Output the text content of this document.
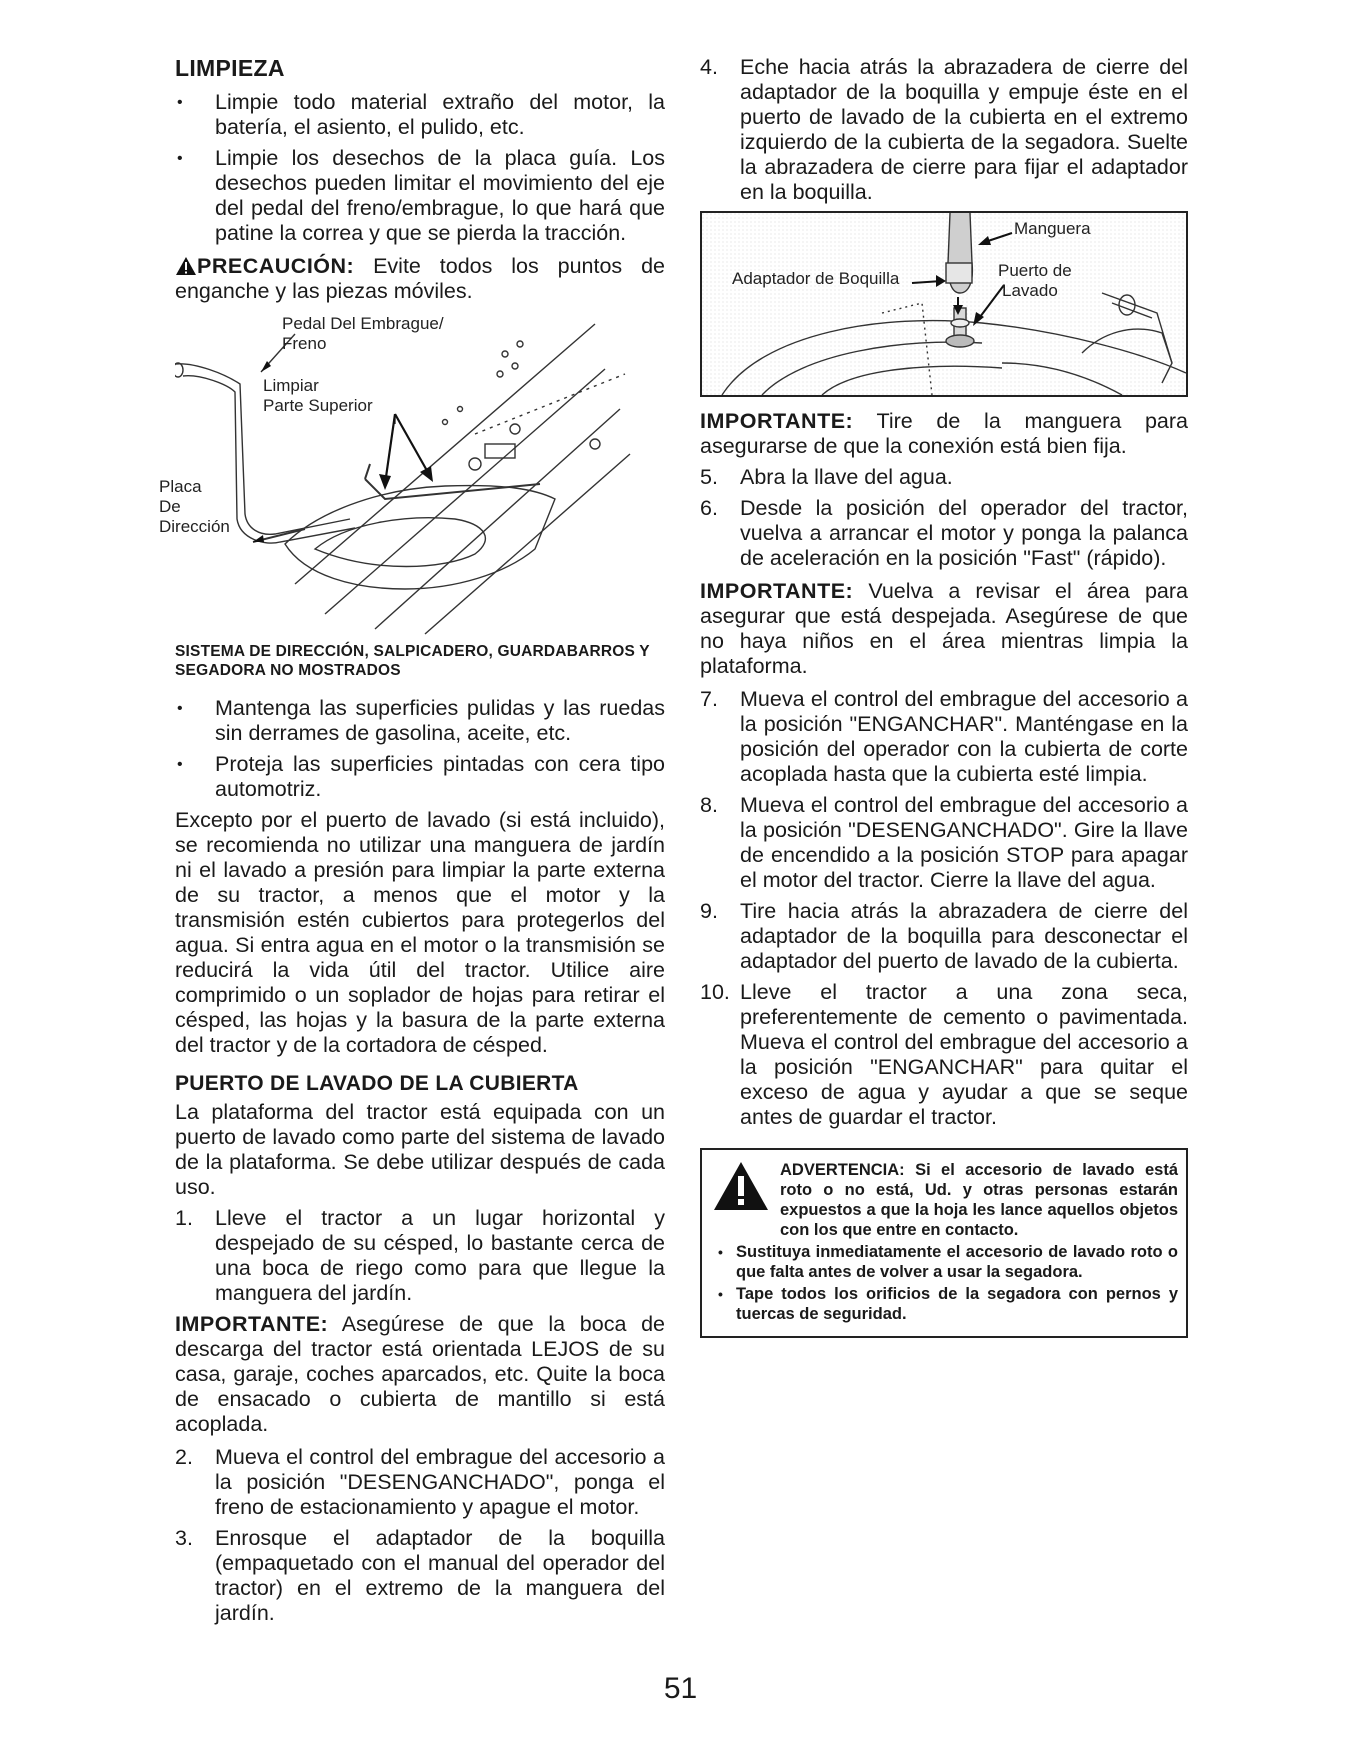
LIMPIEZA
• Limpie todo material extraño del motor, la batería, el asiento, el pulido, etc.
• Limpie los desechos de la placa guía. Los desechos pueden limitar el movimiento del eje del pedal del freno/embrague, lo que hará que patine la correa y que se pierda la tracción.

PRECAUCIÓN: Evite todos los puntos de enganche y las piezas móviles.

Pedal Del Embrague/
Freno
Limpiar
Parte Superior
Placa
De
Dirección

SISTEMA DE DIRECCIÓN, SALPICADERO, GUARDABARROS Y SEGADORA NO MOSTRADOS

• Mantenga las superficies pulidas y las ruedas sin derrames de gasolina, aceite, etc.
• Proteja las superficies pintadas con cera tipo automotriz.

Excepto por el puerto de lavado (si está incluido), se recomienda no utilizar una manguera de jardín ni el lavado a presión para limpiar la parte externa de su tractor, a menos que el motor y la transmisión estén cubiertos para protegerlos del agua. Si entra agua en el motor o la transmisión se reducirá la vida útil del tractor. Utilice aire comprimido o un soplador de hojas para retirar el césped, las hojas y la basura de la parte externa del tractor y de la cortadora de césped.

PUERTO DE LAVADO DE LA CUBIERTA

La plataforma del tractor está equipada con un puerto de lavado como parte del sistema de lavado de la plataforma. Se debe utilizar después de cada uso.

1. Lleve el tractor a un lugar horizontal y despejado de su césped, lo bastante cerca de una boca de riego como para que llegue la manguera del jardín.

IMPORTANTE: Asegúrese de que la boca de descarga del tractor está orientada LEJOS de su casa, garaje, coches aparcados, etc. Quite la boca de ensacado o cubierta de mantillo si está acoplada.

2. Mueva el control del embrague del accesorio a la posición "DESENGANCHADO", ponga el freno de estacionamiento y apague el motor.
3. Enrosque el adaptador de la boquilla (empaquetado con el manual del operador del tractor) en el extremo de la manguera del jardín.
4. Eche hacia atrás la abrazadera de cierre del adaptador de la boquilla y empuje éste en el puerto de lavado de la cubierta en el extremo izquierdo de la cubierta de la segadora. Suelte la abrazadera de cierre para fijar el adaptador en la boquilla.
Manguera
Adaptador de Boquilla	Puerto de
Lavado

IMPORTANTE: Tire de la manguera para asegurarse de que la conexión está bien fija.

5. Abra la llave del agua.
6. Desde la posición del operador del tractor, vuelva a arrancar el motor y ponga la palanca de aceleración en la posición "Fast" (rápido).

IMPORTANTE: Vuelva a revisar el área para asegurar que está despejada. Asegúrese de que no haya niños en el área mientras limpia la plataforma.

7. Mueva el control del embrague del accesorio a la posición "ENGANCHAR". Manténgase en la posición del operador con la cubierta de corte acoplada hasta que la cubierta esté limpia.
8. Mueva el control del embrague del accesorio a la posición "DESENGANCHADO". Gire la llave de encendido a la posición STOP para apagar el motor del tractor. Cierre la llave del agua.
9. Tire hacia atrás la abrazadera de cierre del adaptador de la boquilla para desconectar el adaptador del puerto de lavado de la cubierta.
10. Lleve el tractor a una zona seca, preferentemente de cemento o pavimentada. Mueva el control del embrague del accesorio a la posición "ENGANCHAR" para quitar el exceso de agua y ayudar a que se seque antes de guardar el tractor.

ADVERTENCIA: Si el accesorio de lavado está roto o no está, Ud. y otras personas estarán expuestos a que la hoja les lance aquellos objetos con los que entre en contacto.

• Sustituya inmediatamente el accesorio de lavado roto o que falta antes de volver a usar la segadora.
• Tape todos los orificios de la segadora con pernos y tuercas de seguridad.
51
